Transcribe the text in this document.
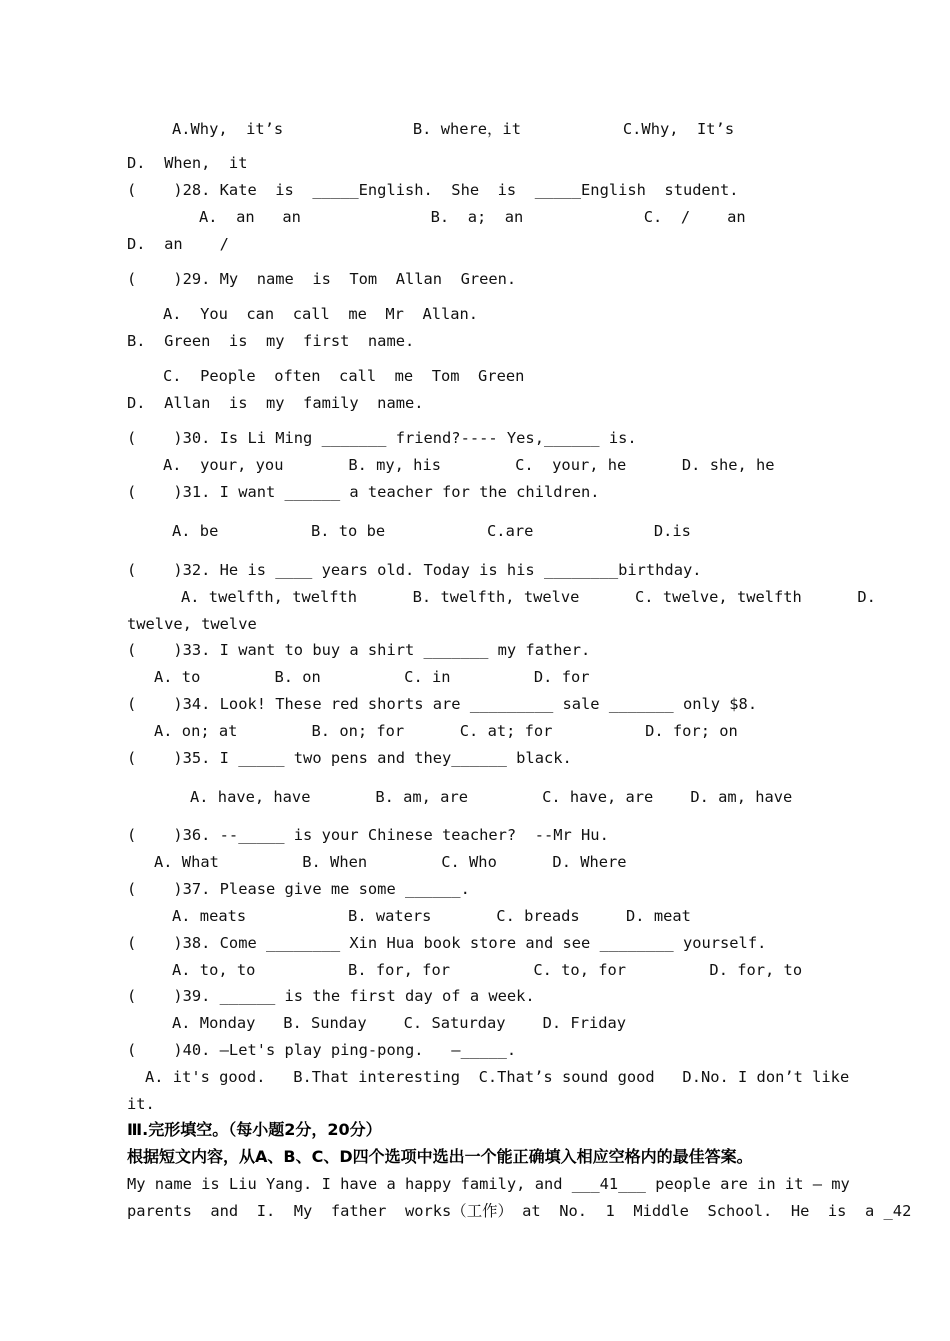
A.Why,  it’s              B. where，it           C.Why,  It’s
D.  When,  it
(    )28. Kate  is  _____English.  She  is  _____English  student.
A.  an   an              B.  a;  an             C.  /    an
D.  an    /
(    )29. My  name  is  Tom  Allan  Green.
A.  You  can  call  me  Mr  Allan.
B.  Green  is  my  first  name.
C.  People  often  call  me  Tom  Green
D.  Allan  is  my  family  name.
(    )30. Is Li Ming _______ friend?---- Yes,______ is.
A.  your, you       B. my, his        C.  your, he      D. she, he
(    )31. I want ______ a teacher for the children.
A. be          B. to be           C.are             D.is
(    )32. He is ____ years old. Today is his ________birthday.
A. twelfth, twelfth      B. twelfth, twelve      C. twelve, twelfth      D.
twelve, twelve
(    )33. I want to buy a shirt _______ my father.
A. to        B. on         C. in         D. for
(    )34. Look! These red shorts are _________ sale _______ only $8.
A. on; at        B. on; for      C. at; for          D. for; on
(    )35. I _____ two pens and they______ black.
A. have, have       B. am, are        C. have, are    D. am, have
(    )36. --_____ is your Chinese teacher?  --Mr Hu.
A. What         B. When        C. Who      D. Where
(    )37. Please give me some ______.
A. meats           B. waters       C. breads     D. meat
(    )38. Come ________ Xin Hua book store and see ________ yourself.
A. to, to          B. for, for         C. to, for         D. for, to
(    )39. ______ is the first day of a week.
A. Monday   B. Sunday    C. Saturday    D. Friday
(    )40. —Let's play ping-pong.   —_____.
A. it's good.   B.That interesting  C.That’s sound good   D.No. I don’t like
it.
Ⅲ.完形填空。（每小题2分，20分）
根据短文内容，从A、B、C、D四个选项中选出一个能正确填入相应空格内的最佳答案。
My name is Liu Yang. I have a happy family, and ___41___ people are in it — my
parents  and  I.  My  father  works（工作） at  No.  1  Middle  School.  He  is  a _42
